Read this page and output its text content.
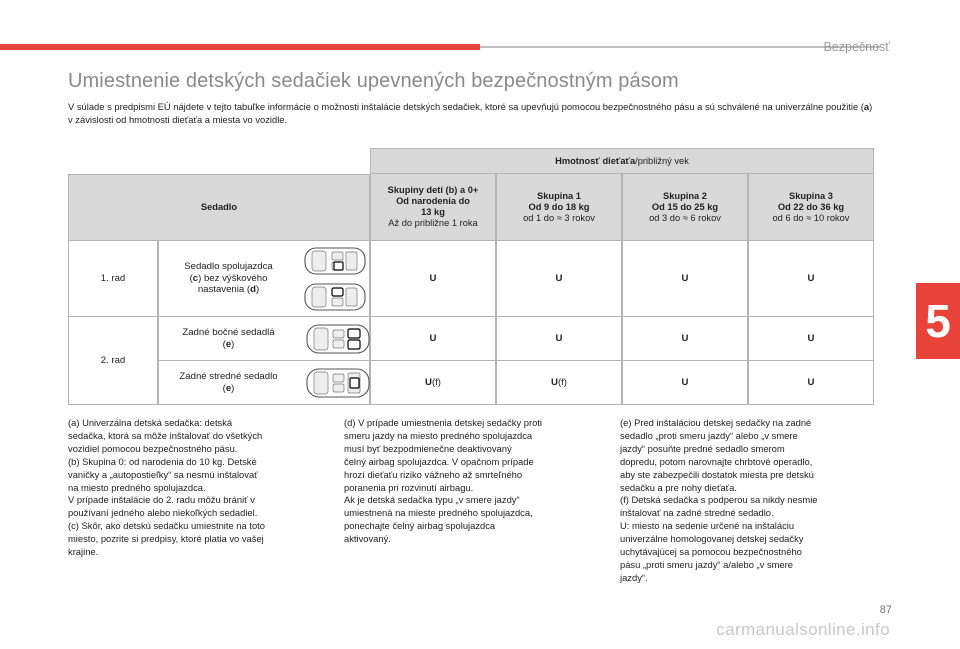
Bezpečnosť
5
Umiestnenie detských sedačiek upevnených bezpečnostným pásom
V súlade s predpismi EÚ nájdete v tejto tabuľke informácie o možnosti inštalácie detských sedačiek, ktoré sa upevňujú pomocou bezpečnostného pásu a sú schválené na univerzálne použitie (a) v závislosti od hmotnosti dieťaťa a miesta vo vozidle.
Hmotnosť dieťaťa /približný vek
Sedadlo
Skupiny detí (b) a 0+
Od narodenia do
13 kg
Až do približne 1 roka
Skupina 1
Od 9 do 18 kg
od 1 do ≈ 3 rokov
Skupina 2
Od 15 do 25 kg
od 3 do ≈ 6 rokov
Skupina 3
Od 22 do 36 kg
od 6 do ≈ 10 rokov
1. rad
Sedadlo spolujazdca
(c) bez výškového
nastavenia (d)
U	U	U	U
2. rad
Zadné bočné sedadlá
(e)
U	U	U	U
Zadné stredné sedadlo
(e)
U (f)	U (f)	U	U

(a) Univerzálna detská sedačka: detská

sedačka, ktorá sa môže inštalovať do všetkých

vozidiel pomocou bezpečnostného pásu.

(b) Skupina 0: od narodenia do 10 kg. Detské

vaničky a „autopostieľky“ sa nesmú inštalovať

na miesto predného spolujazdca.

V prípade inštalácie do 2. radu môžu brániť v

používaní jedného alebo niekoľkých sedadiel.

(c) Skôr, ako detskú sedačku umiestnite na toto

miesto, pozrite si predpisy, ktoré platia vo vašej

krajine.

(d) V prípade umiestnenia detskej sedačky proti

smeru jazdy na miesto predného spolujazdca

musí byť bezpodmienečne deaktivovaný

čelný airbag spolujazdca. V opačnom prípade

hrozí dieťaťu riziko vážneho až smrteľného

poranenia pri rozvinutí airbagu.

Ak je detská sedačka typu „v smere jazdy“

umiestnená na mieste predného spolujazdca,

ponechajte čelný airbag spolujazdca

aktivovaný.

(e) Pred inštaláciou detskej sedačky na zadné

sedadlo „proti smeru jazdy“ alebo „v smere

jazdy“ posuňte predné sedadlo smerom

dopredu, potom narovnajte chrbtové operadlo,

aby ste zabezpečili dostatok miesta pre detskú

sedačku a pre nohy dieťaťa.

(f) Detská sedačka s podperou sa nikdy nesmie

inštalovať na zadné stredné sedadlo.

U: miesto na sedenie určené na inštaláciu

univerzálne homologovanej detskej sedačky

uchytávajúcej sa pomocou bezpečnostného

pásu „proti smeru jazdy“ a/alebo „v smere

jazdy“.

87
carmanualsonline.info
